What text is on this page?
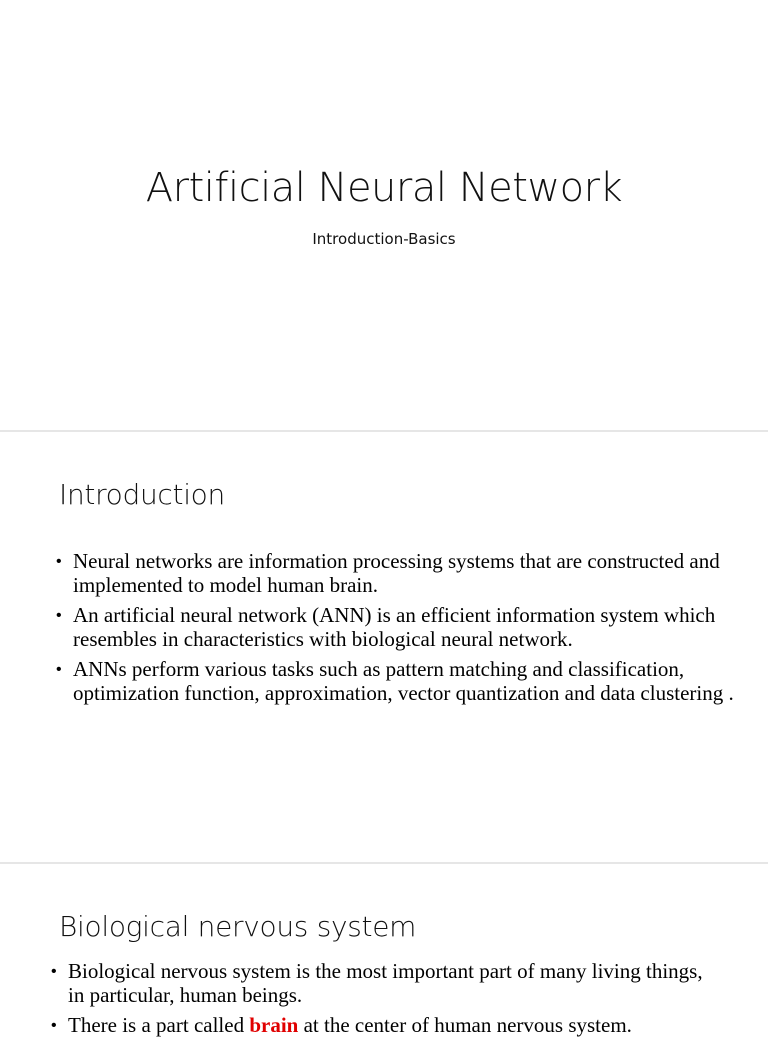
Artificial Neural Network
Introduction-Basics
Introduction
• Neural networks are information processing systems that are constructed and implemented to model human brain.
• An artificial neural network (ANN) is an efficient information system which resembles in characteristics with biological neural network.
• ANNs perform various tasks such as pattern matching and classification, optimization function, approximation, vector quantization and data clustering .
Biological nervous system
• Biological nervous system is the most important part of many living things, in particular, human beings.
• There is a part called brain at the center of human nervous system.
